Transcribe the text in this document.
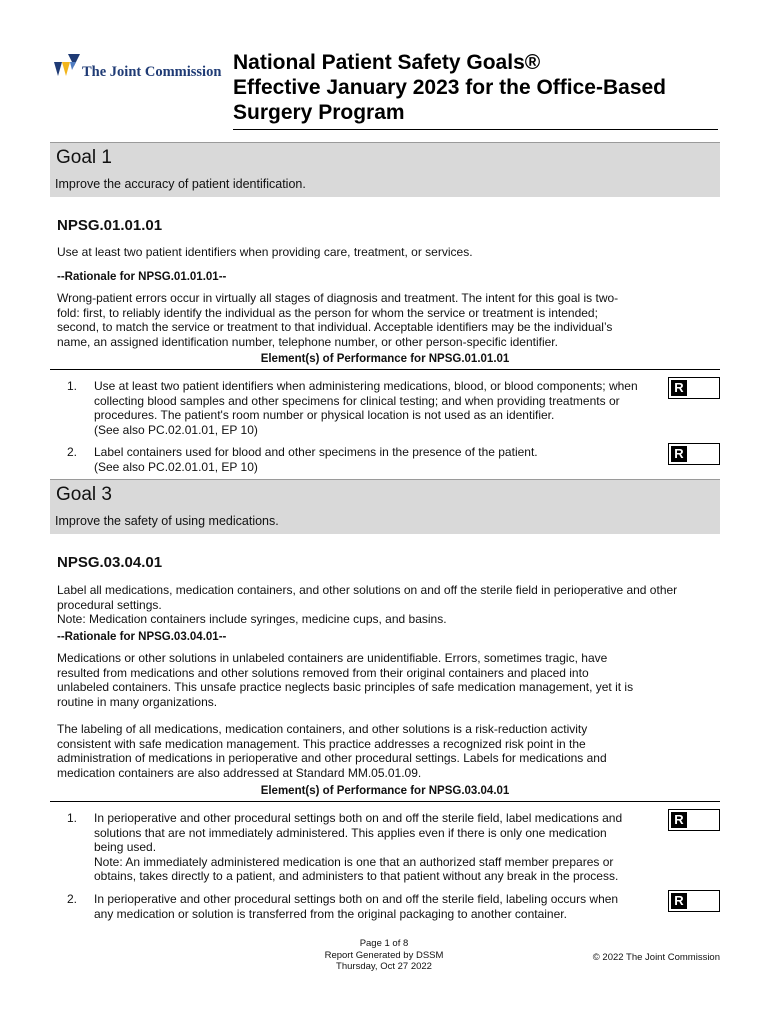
The Joint Commission National Patient Safety Goals®
Effective January 2023 for the Office-Based
Surgery Program
Goal 1
Improve the accuracy of patient identification.
NPSG.01.01.01
Use at least two patient identifiers when providing care, treatment, or services.
--Rationale for NPSG.01.01.01--
Wrong-patient errors occur in virtually all stages of diagnosis and treatment. The intent for this goal is two-
fold: first, to reliably identify the individual as the person for whom the service or treatment is intended;
second, to match the service or treatment to that individual. Acceptable identifiers may be the individual’s
name, an assigned identification number, telephone number, or other person-specific identifier.
Element(s) of Performance for NPSG.01.01.01
1. Use at least two patient identifiers when administering medications, blood, or blood components; when
collecting blood samples and other specimens for clinical testing; and when providing treatments or
procedures. The patient's room number or physical location is not used as an identifier.
(See also PC.02.01.01, EP 10)
R
2. Label containers used for blood and other specimens in the presence of the patient.
(See also PC.02.01.01, EP 10)
R
Goal 3
Improve the safety of using medications.
NPSG.03.04.01
Label all medications, medication containers, and other solutions on and off the sterile field in perioperative and other
procedural settings.
Note: Medication containers include syringes, medicine cups, and basins.
--Rationale for NPSG.03.04.01--
Medications or other solutions in unlabeled containers are unidentifiable. Errors, sometimes tragic, have
resulted from medications and other solutions removed from their original containers and placed into
unlabeled containers. This unsafe practice neglects basic principles of safe medication management, yet it is
routine in many organizations.
The labeling of all medications, medication containers, and other solutions is a risk-reduction activity
consistent with safe medication management. This practice addresses a recognized risk point in the
administration of medications in perioperative and other procedural settings. Labels for medications and
medication containers are also addressed at Standard MM.05.01.09.
Element(s) of Performance for NPSG.03.04.01
1. In perioperative and other procedural settings both on and off the sterile field, label medications and
solutions that are not immediately administered. This applies even if there is only one medication
being used.
Note: An immediately administered medication is one that an authorized staff member prepares or
obtains, takes directly to a patient, and administers to that patient without any break in the process.
R
2. In perioperative and other procedural settings both on and off the sterile field, labeling occurs when
any medication or solution is transferred from the original packaging to another container.
R
Page 1 of 8
Report Generated by DSSM
Thursday, Oct 27 2022
© 2022 The Joint Commission
